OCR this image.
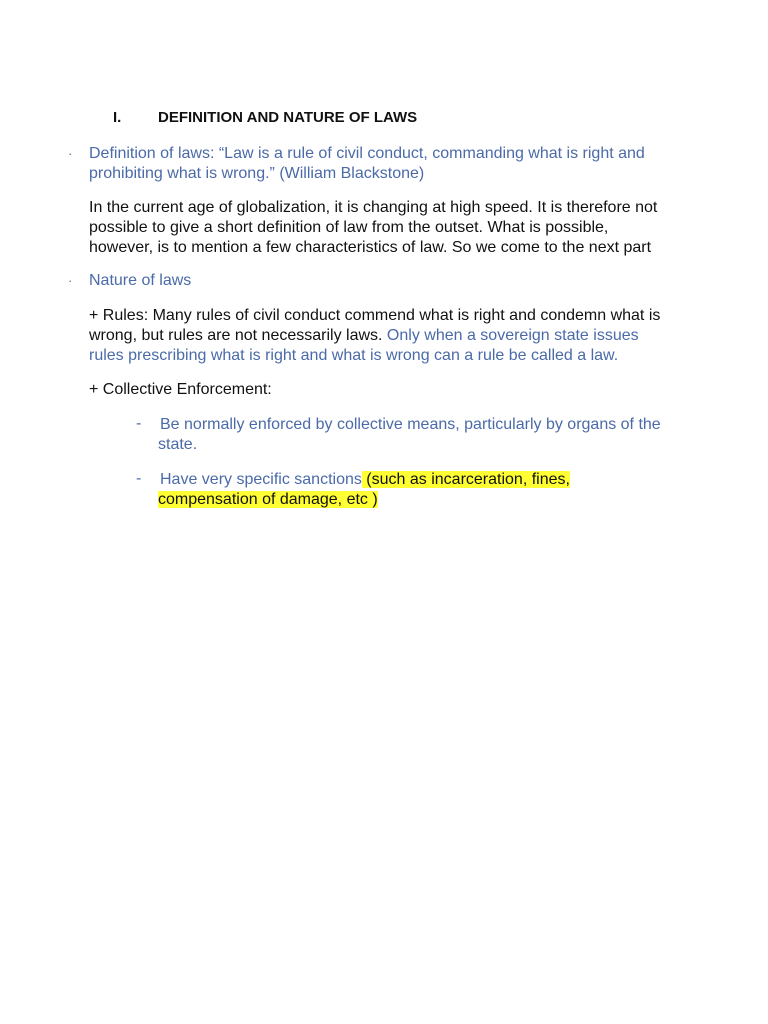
I. DEFINITION AND NATURE OF LAWS
· Definition of laws: “Law is a rule of civil conduct, commanding what is right and
prohibiting what is wrong.” (William Blackstone)
In the current age of globalization, it is changing at high speed. It is therefore not
possible to give a short definition of law from the outset. What is possible,
however, is to mention a few characteristics of law. So we come to the next part
· Nature of laws
+ Rules: Many rules of civil conduct commend what is right and condemn what is
wrong, but rules are not necessarily laws. Only when a sovereign state issues
rules prescribing what is right and what is wrong can a rule be called a law.
+ Collective Enforcement:
- Be normally enforced by collective means, particularly by organs of the
state.
- Have very specific sanctions (such as incarceration, fines,
compensation of damage, etc )
